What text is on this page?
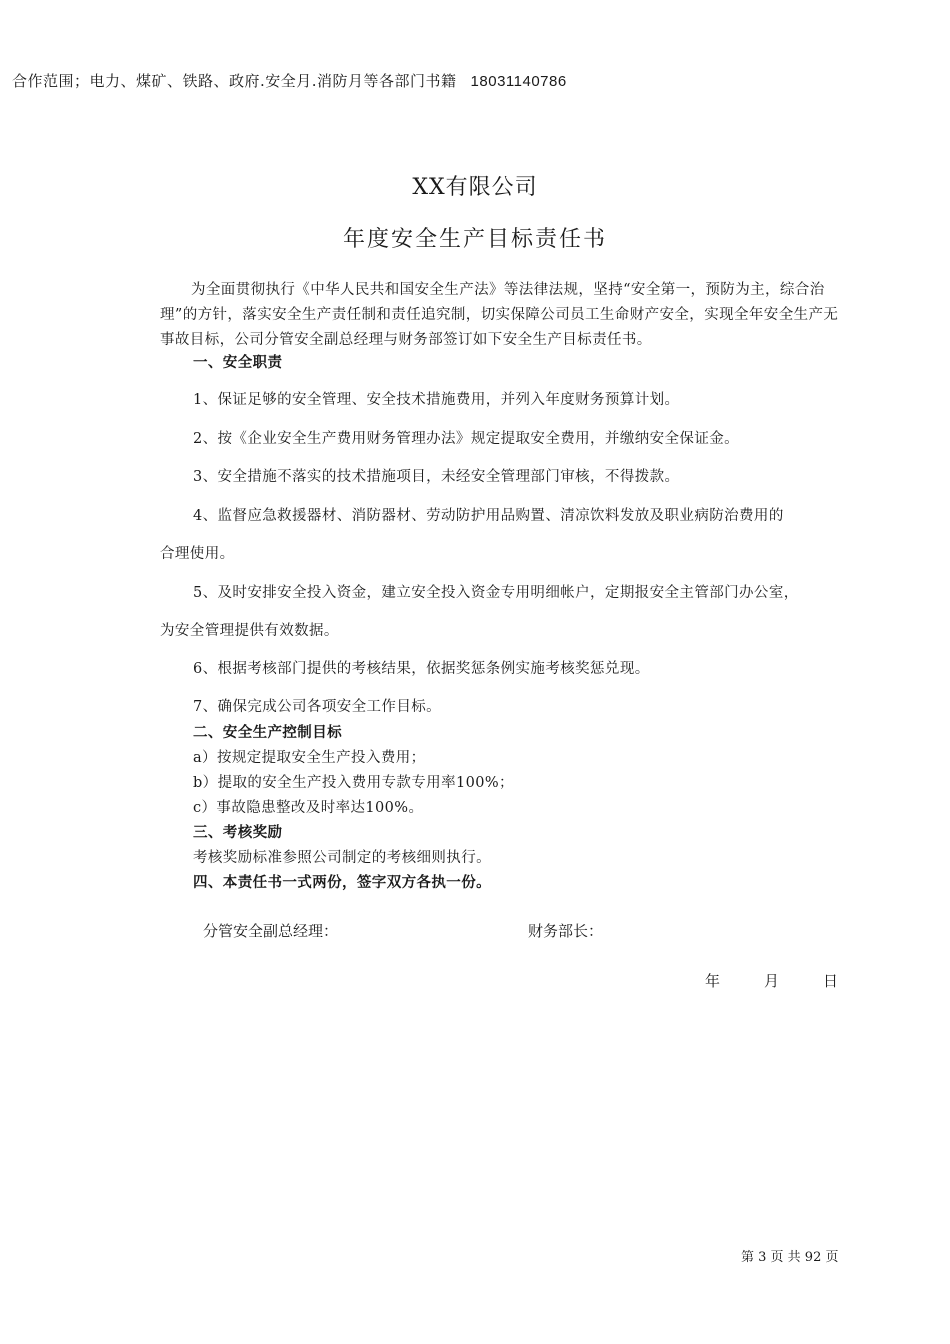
合作范围；电力、煤矿、铁路、政府.安全月.消防月等各部门书籍 18031140786
XX有限公司
年度安全生产目标责任书

为全面贯彻执行《中华人民共和国安全生产法》等法律法规，坚持“安全第一，预防为主，综合治理”的方针，落实安全生产责任制和责任追究制，切实保障公司员工生命财产安全，实现全年安全生产无事故目标，公司分管安全副总经理与财务部签订如下安全生产目标责任书。

一、安全职责
1、保证足够的安全管理、安全技术措施费用，并列入年度财务预算计划。
2、按《企业安全生产费用财务管理办法》规定提取安全费用，并缴纳安全保证金。
3、安全措施不落实的技术措施项目，未经安全管理部门审核，不得拨款。
4、监督应急救援器材、消防器材、劳动防护用品购置、清凉饮料发放及职业病防治费用的
合理使用。
5、及时安排安全投入资金，建立安全投入资金专用明细帐户，定期报安全主管部门办公室，
为安全管理提供有效数据。
6、根据考核部门提供的考核结果，依据奖惩条例实施考核奖惩兑现。
7、确保完成公司各项安全工作目标。
二、安全生产控制目标
a）按规定提取安全生产投入费用；
b）提取的安全生产投入费用专款专用率100%；
c）事故隐患整改及时率达100%。
三、考核奖励
考核奖励标准参照公司制定的考核细则执行。
四、本责任书一式两份，签字双方各执一份。
分管安全副总经理：	财务部长：
年	月	日
第 3 页 共 92 页
